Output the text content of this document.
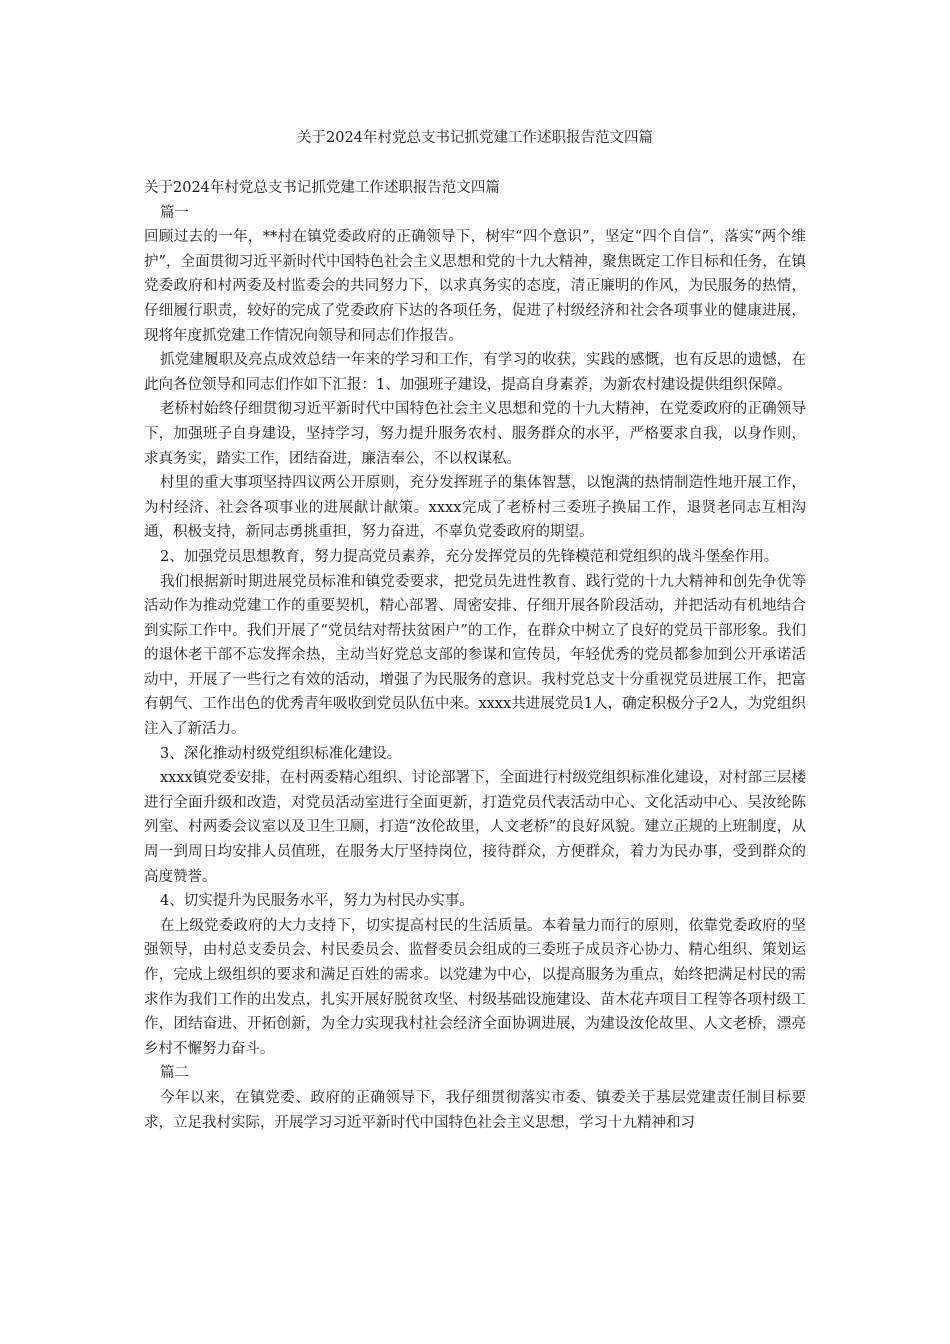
关于2024年村党总支书记抓党建工作述职报告范文四篇

关于2024年村党总支书记抓党建工作述职报告范文四篇

篇一

回顾过去的一年，**村在镇党委政府的正确领导下，树牢“四个意识”，坚定“四个自信”，落实“两个维护”，全面贯彻习近平新时代中国特色社会主义思想和党的十九大精神，聚焦既定工作目标和任务，在镇党委政府和村两委及村监委会的共同努力下，以求真务实的态度，清正廉明的作风，为民服务的热情，仔细履行职责，较好的完成了党委政府下达的各项任务，促进了村级经济和社会各项事业的健康进展，现将年度抓党建工作情况向领导和同志们作报告。

抓党建履职及亮点成效总结一年来的学习和工作，有学习的收获，实践的感慨，也有反思的遗憾，在此向各位领导和同志们作如下汇报：1、加强班子建设，提高自身素养，为新农村建设提供组织保障。

老桥村始终仔细贯彻习近平新时代中国特色社会主义思想和党的十九大精神，在党委政府的正确领导下，加强班子自身建设，坚持学习，努力提升服务农村、服务群众的水平，严格要求自我，以身作则，求真务实，踏实工作，团结奋进，廉洁奉公，不以权谋私。

村里的重大事项坚持四议两公开原则，充分发挥班子的集体智慧，以饱满的热情制造性地开展工作，为村经济、社会各项事业的进展献计献策。xxxx完成了老桥村三委班子换届工作，退贤老同志互相沟通，积极支持，新同志勇挑重担，努力奋进，不辜负党委政府的期望。

2、加强党员思想教育，努力提高党员素养，充分发挥党员的先锋模范和党组织的战斗堡垒作用。

我们根据新时期进展党员标准和镇党委要求，把党员先进性教育、践行党的十九大精神和创先争优等活动作为推动党建工作的重要契机，精心部署、周密安排、仔细开展各阶段活动，并把活动有机地结合到实际工作中。我们开展了“党员结对帮扶贫困户”的工作，在群众中树立了良好的党员干部形象。我们的退休老干部不忘发挥余热，主动当好党总支部的参谋和宣传员，年轻优秀的党员都参加到公开承诺活动中，开展了一些行之有效的活动，增强了为民服务的意识。我村党总支十分重视党员进展工作，把富有朝气、工作出色的优秀青年吸收到党员队伍中来。xxxx共进展党员1人，确定积极分子2人，为党组织注入了新活力。

3、深化推动村级党组织标准化建设。

xxxx镇党委安排，在村两委精心组织、讨论部署下，全面进行村级党组织标准化建设，对村部三层楼进行全面升级和改造，对党员活动室进行全面更新，打造党员代表活动中心、文化活动中心、吴汝纶陈列室、村两委会议室以及卫生卫厕，打造“汝伦故里，人文老桥”的良好风貌。建立正规的上班制度，从周一到周日均安排人员值班，在服务大厅坚持岗位，接待群众，方便群众，着力为民办事，受到群众的高度赞誉。

4、切实提升为民服务水平，努力为村民办实事。

在上级党委政府的大力支持下，切实提高村民的生活质量。本着量力而行的原则，依靠党委政府的坚强领导，由村总支委员会、村民委员会、监督委员会组成的三委班子成员齐心协力、精心组织、策划运作，完成上级组织的要求和满足百姓的需求。以党建为中心，以提高服务为重点，始终把满足村民的需求作为我们工作的出发点，扎实开展好脱贫攻坚、村级基础设施建设、苗木花卉项目工程等各项村级工作，团结奋进、开拓创新，为全力实现我村社会经济全面协调进展，为建设汝伦故里、人文老桥，漂亮乡村不懈努力奋斗。

篇二

今年以来，在镇党委、政府的正确领导下，我仔细贯彻落实市委、镇委关于基层党建责任制目标要求，立足我村实际，开展学习习近平新时代中国特色社会主义思想，学习十九精神和习
